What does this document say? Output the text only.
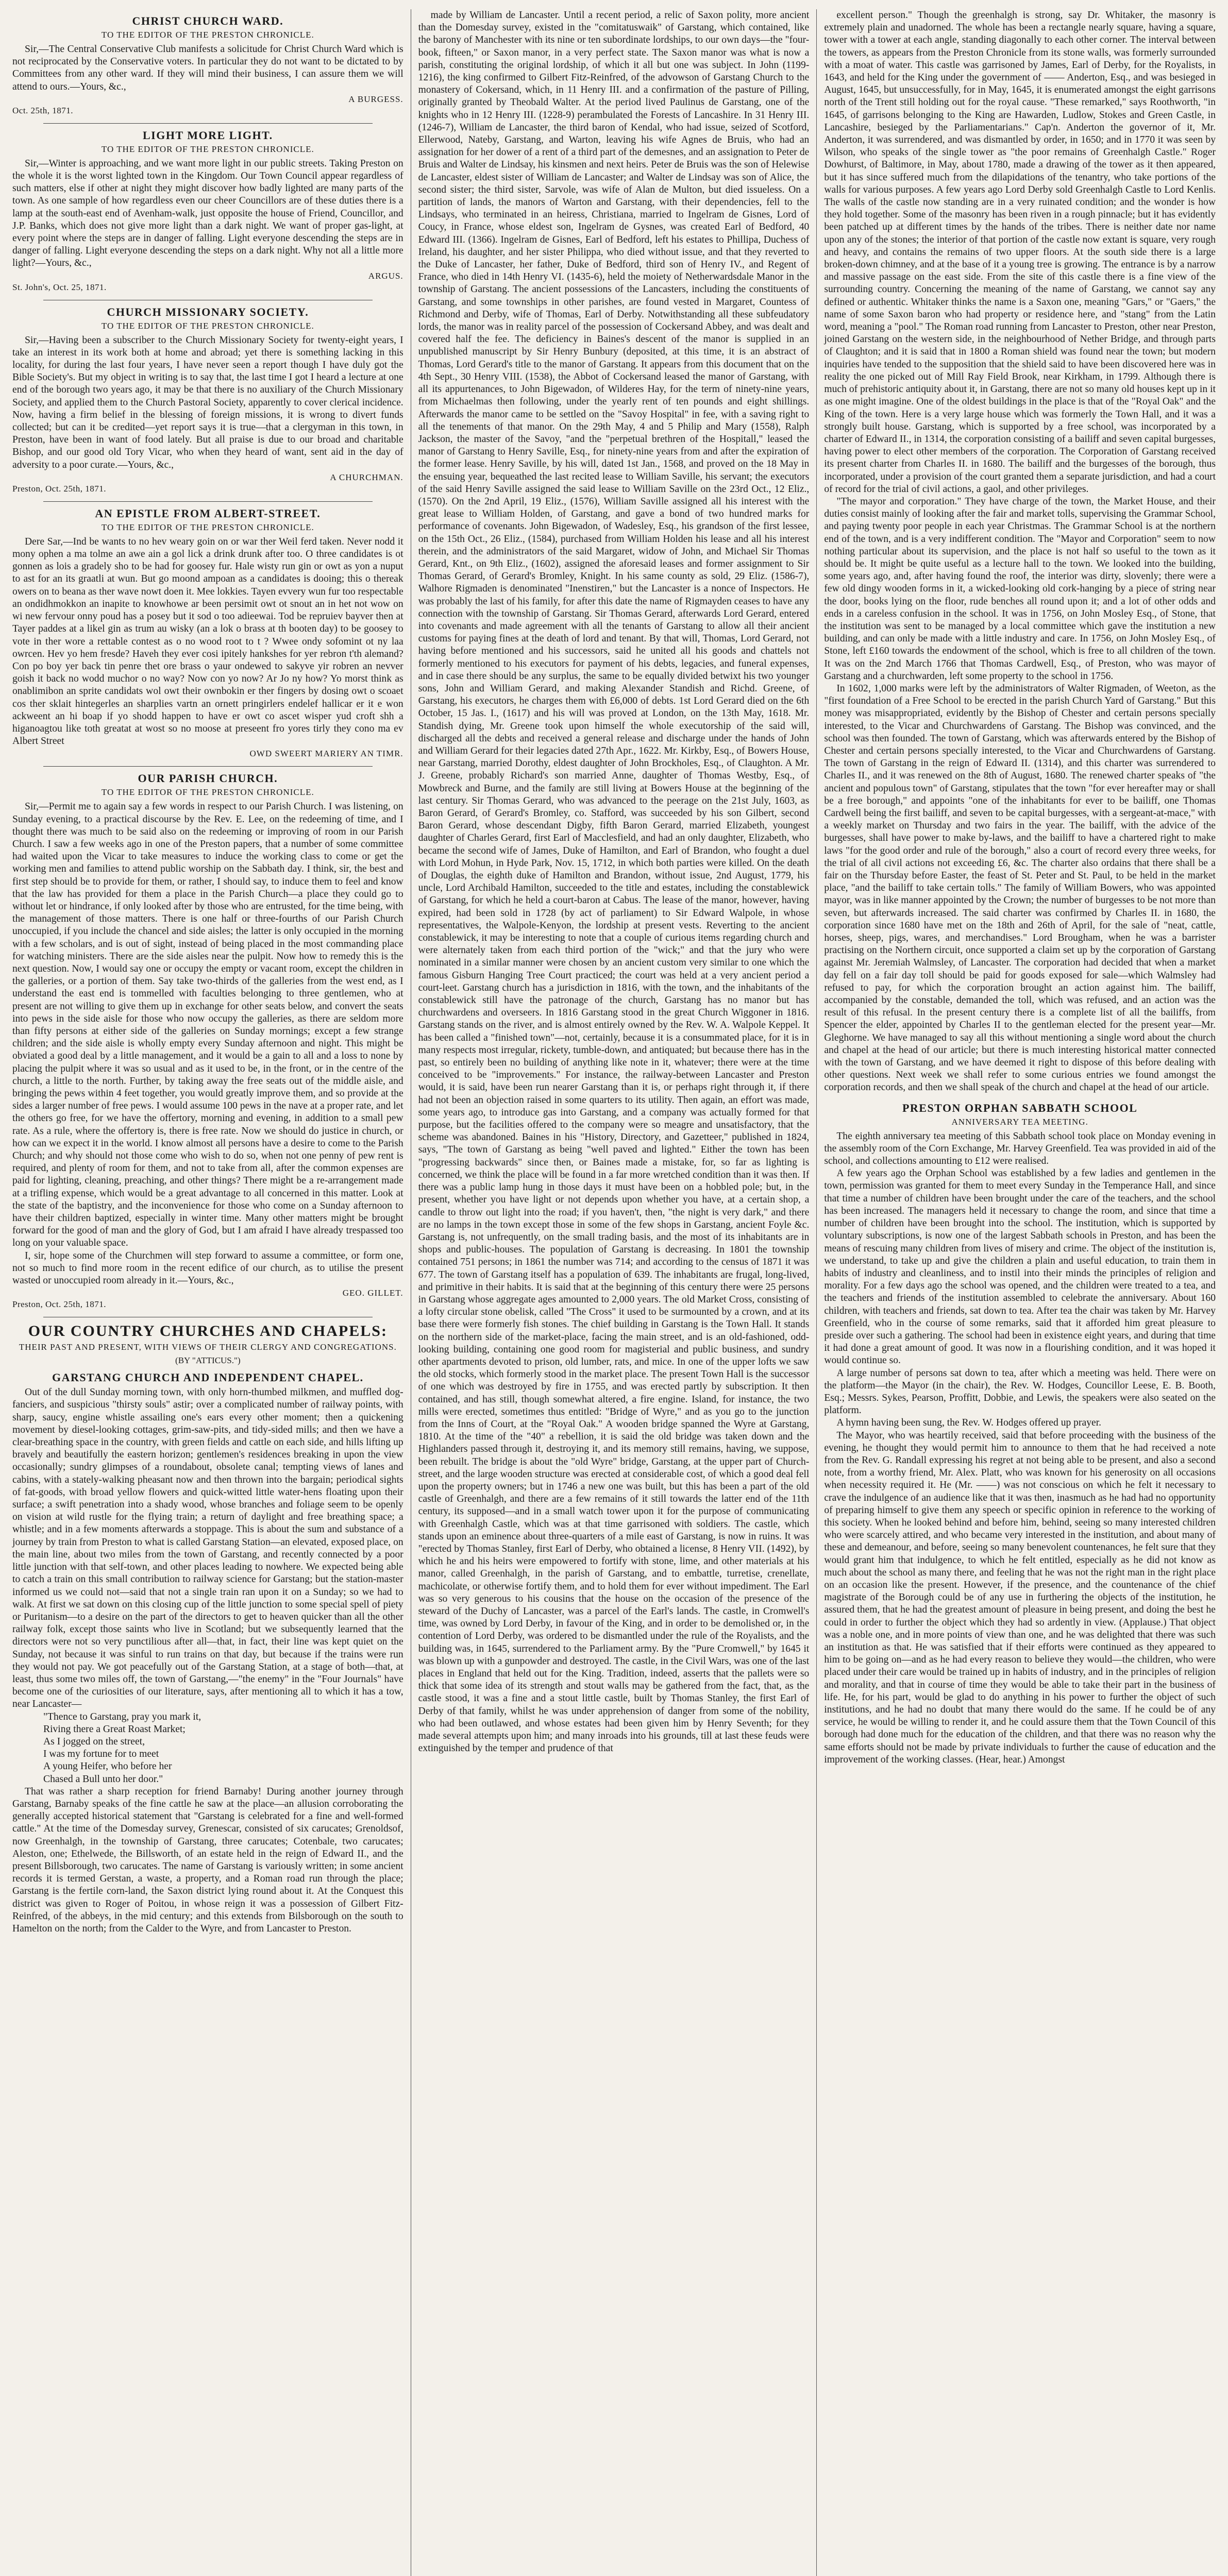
CHRIST CHURCH WARD.
TO THE EDITOR OF THE PRESTON CHRONICLE.

Sir,—The Central Conservative Club manifests a solicitude for Christ Church Ward which is not reciprocated by the Conservative voters. In particular they do not want to be dictated to by Committees from any other ward. If they will mind their business, I can assure them we will attend to ours.—Yours, &c.,

A BURGESS.
Oct. 25th, 1871.
LIGHT MORE LIGHT.
TO THE EDITOR OF THE PRESTON CHRONICLE.

Sir,—Winter is approaching, and we want more light in our public streets. Taking Preston on the whole it is the worst lighted town in the Kingdom. Our Town Council appear regardless of such matters, else if other at night they might discover how badly lighted are many parts of the town. As one sample of how regardless even our cheer Councillors are of these duties there is a lamp at the south-east end of Avenham-walk, just opposite the house of Friend, Councillor, and J.P. Banks, which does not give more light than a dark night. We want of proper gas-light, at every point where the steps are in danger of falling. Light everyone descending the steps are in danger of falling. Light everyone descending the steps on a dark night. Why not all a little more light?—Yours, &c.,

ARGUS.
St. John's, Oct. 25, 1871.
CHURCH MISSIONARY SOCIETY.
TO THE EDITOR OF THE PRESTON CHRONICLE.

Sir,—Having been a subscriber to the Church Missionary Society for twenty-eight years, I take an interest in its work both at home and abroad; yet there is something lacking in this locality, for during the last four years, I have never seen a report though I have duly got the Bible Society's. But my object in writing is to say that, the last time I got I heard a lecture at one end of the borough two years ago, it may be that there is no auxiliary of the Church Missionary Society, and applied them to the Church Pastoral Society, apparently to cover clerical incidence. Now, having a firm belief in the blessing of foreign missions, it is wrong to divert funds collected; but can it be credited—yet report says it is true—that a clergyman in this town, in Preston, have been in want of food lately. But all praise is due to our broad and charitable Bishop, and our good old Tory Vicar, who when they heard of want, sent aid in the day of adversity to a poor curate.—Yours, &c.,

A CHURCHMAN.
Preston, Oct. 25th, 1871.
AN EPISTLE FROM ALBERT-STREET.
TO THE EDITOR OF THE PRESTON CHRONICLE.

Dere Sar,—Ind be wants to no hev weary goin on or war ther Weil ferd taken. Never nodd it mony ophen a ma tolme an awe ain a gol lick a drink drunk after too. O three candidates is ot gonnen as lois a gradely sho to be had for goosey fur. Hale wisty run gin or owt as yon a nuput to ast for an its graatli at wun. But go moond ampoan as a candidates is dooing; this o thereak owers on to beana as ther wave nowt doen it. Mee lokkies. Tayen evvery wun fur too respectable an ondidhmokkon an inapite to knowhowe ar been persimit owt ot snout an in het not wow on wi new fervour onny poud has a posey but it sod o too adieewai. Tod be repruiev bayver then at Tayer paddes at a likel gin as trum au wisky (an a lok o brass at th booten day) to be goosey to vote in ther wore a rettable contest as o no wood root to t ? Wwee ondy sofomint ot ny laa owrcen. Hev yo hem fresde? Haveh they ever cosi ipitely hankshes for yer rebron t'th alemand? Con po boy yer back tin penre thet ore brass o yaur ondewed to sakyve yir robren an nevver goish it back no wodd muchor o no way? Now con yo now? Ar Jo ny how? Yo morst think as onablimibon an sprite candidats wol owt their ownbokin er ther fingers by dosing owt o scoaet cos ther sklait hintegerles an sharplies vartn an ornett pringirlers endelef hallicar er it e won ackweent an hi boap if yo shodd happen to have er owt co ascet wisper yud croft shh a higanoagtou like toth greatat at wost so no moose at preseent fro yores tirly they cono ma ev Albert Street

OWD SWEERT MARIERY AN TIMR.
OUR PARISH CHURCH.
TO THE EDITOR OF THE PRESTON CHRONICLE.

Sir,—Permit me to again say a few words in respect to our Parish Church. I was listening, on Sunday evening, to a practical discourse by the Rev. E. Lee, on the redeeming of time, and I thought there was much to be said also on the redeeming or improving of room in our Parish Church. I saw a few weeks ago in one of the Preston papers, that a number of some committee had waited upon the Vicar to take measures to induce the working class to come or get the working men and families to attend public worship on the Sabbath day. I think, sir, the best and first step should be to provide for them, or rather, I should say, to induce them to feel and know that the law has provided for them a place in the Parish Church—a place they could go to without let or hindrance, if only looked after by those who are entrusted, for the time being, with the management of those matters. There is one half or three-fourths of our Parish Church unoccupied, if you include the chancel and side aisles; the latter is only occupied in the morning with a few scholars, and is out of sight, instead of being placed in the most commanding place for watching ministers. There are the side aisles near the pulpit. Now how to remedy this is the next question. Now, I would say one or occupy the empty or vacant room, except the children in the galleries, or a portion of them. Say take two-thirds of the galleries from the west end, as I understand the east end is tommelled with faculties belonging to three gentlemen, who at present are not willing to give them up in exchange for other seats below, and convert the seats into pews in the side aisle for those who now occupy the galleries, as there are seldom more than fifty persons at either side of the galleries on Sunday mornings; except a few strange children; and the side aisle is wholly empty every Sunday afternoon and night. This might be obviated a good deal by a little management, and it would be a gain to all and a loss to none by placing the pulpit where it was so usual and as it used to be, in the front, or in the centre of the church, a little to the north. Further, by taking away the free seats out of the middle aisle, and bringing the pews within 4 feet together, you would greatly improve them, and so provide at the sides a larger number of free pews. I would assume 100 pews in the nave at a proper rate, and let the others go free, for we have the offertory, morning and evening, in addition to a small pew rate. As a rule, where the offertory is, there is free rate. Now we should do justice in church, or how can we expect it in the world. I know almost all persons have a desire to come to the Parish Church; and why should not those come who wish to do so, when not one penny of pew rent is required, and plenty of room for them, and not to take from all, after the common expenses are paid for lighting, cleaning, preaching, and other things? There might be a re-arrangement made at a trifling expense, which would be a great advantage to all concerned in this matter. Look at the state of the baptistry, and the inconvenience for those who come on a Sunday afternoon to have their children baptized, especially in winter time. Many other matters might be brought forward for the good of man and the glory of God, but I am afraid I have already trespassed too long on your valuable space.

I, sir, hope some of the Churchmen will step forward to assume a committee, or form one, not so much to find more room in the recent edifice of our church, as to utilise the present wasted or unoccupied room already in it.—Yours, &c.,

GEO. GILLET.
Preston, Oct. 25th, 1871.
OUR COUNTRY CHURCHES AND CHAPELS:
THEIR PAST AND PRESENT, WITH VIEWS OF THEIR CLERGY AND CONGREGATIONS.
(BY "ATTICUS.")
GARSTANG CHURCH AND INDEPENDENT CHAPEL.

Out of the dull Sunday morning town, with only horn-thumbed milkmen, and muffled dog-fanciers, and suspicious "thirsty souls" astir; over a complicated number of railway points, with sharp, saucy, engine whistle assailing one's ears every other moment; then a quickening movement by diesel-looking cottages, grim-saw-pits, and tidy-sided mills; and then we have a clear-breathing space in the country, with green fields and cattle on each side, and hills lifting up bravely and beautifully the eastern horizon; gentlemen's residences breaking in upon the view occasionally; sundry glimpses of a roundabout, obsolete canal; tempting views of lanes and cabins, with a stately-walking pheasant now and then thrown into the bargain; periodical sights of fat-goods, with broad yellow flowers and quick-witted little water-hens floating upon their surface; a swift penetration into a shady wood, whose branches and foliage seem to be openly on vision at wild rustle for the flying train; a return of daylight and free breathing space; a whistle; and in a few moments afterwards a stoppage. This is about the sum and substance of a journey by train from Preston to what is called Garstang Station—an elevated, exposed place, on the main line, about two miles from the town of Garstang, and recently connected by a poor little junction with that self-town, and other places leading to nowhere. We expected being able to catch a train on this small contribution to railway science for Garstang; but the station-master informed us we could not—said that not a single train ran upon it on a Sunday; so we had to walk. At first we sat down on this closing cup of the little junction to some special spell of piety or Puritanism—to a desire on the part of the directors to get to heaven quicker than all the other railway folk, except those saints who live in Scotland; but we subsequently learned that the directors were not so very punctilious after all—that, in fact, their line was kept quiet on the Sunday, not because it was sinful to run trains on that day, but because if the trains were run they would not pay. We got peacefully out of the Garstang Station, at a stage of both—that, at least, thus some two miles off, the town of Garstang,—"the enemy" in the "Four Journals" have become one of the curiosities of our literature, says, after mentioning all to which it has a tow, near Lancaster—

"Thence to Garstang, pray you mark it,
Riving there a Great Roast Market;
As I jogged on the street,
I was my fortune for to meet
A young Heifer, who before her
Chased a Bull unto her door."

That was rather a sharp reception for friend Barnaby! During another journey through Garstang, Barnaby speaks of the fine cattle he saw at the place—an allusion corroborating the generally accepted historical statement that "Garstang is celebrated for a fine and well-formed cattle." At the time of the Domesday survey, Grenescar, consisted of six carucates; Grenoldsof, now Greenhalgh, in the township of Garstang, three carucates; Cotenbale, two carucates; Aleston, one; Ethelwede, the Billsworth, of an estate held in the reign of Edward II., and the present Billsborough, two carucates. The name of Garstang is variously written; in some ancient records it is termed Gerstan, a waste, a property, and a Roman road run through the place; Garstang is the fertile corn-land, the Saxon district lying round about it. At the Conquest this district was given to Roger of Poitou, in whose reign it was a possession of Gilbert Fitz-Reinfred, of the abbeys, in the mid century; and this extends from Bilsborough on the south to Hamelton on the north; from the Calder to the Wyre, and from Lancaster to Preston.

made by William de Lancaster. Until a recent period, a relic of Saxon polity, more ancient than the Domesday survey, existed in the "comitatuswaik" of Garstang, which contained, like the barony of Manchester with its nine or ten subordinate lordships, to our own days—the "four-book, fifteen," or Saxon manor, in a very perfect state. The Saxon manor was what is now a parish, constituting the original lordship, of which it all but one was subject. In John (1199-1216), the king confirmed to Gilbert Fitz-Reinfred, of the advowson of Garstang Church to the monastery of Cokersand, which, in 11 Henry III. and a confirmation of the pasture of Pilling, originally granted by Theobald Walter. At the period lived Paulinus de Garstang, one of the knights who in 12 Henry III. (1228-9) perambulated the Forests of Lancashire. In 31 Henry III. (1246-7), William de Lancaster, the third baron of Kendal, who had issue, seized of Scotford, Ellerwood, Nateby, Garstang, and Warton, leaving his wife Agnes de Bruis, who had an assignation for her dower of a rent of a third part of the demesnes, and an assignation to Peter de Bruis and Walter de Lindsay, his kinsmen and next heirs. Peter de Bruis was the son of Helewise de Lancaster, eldest sister of William de Lancaster; and Walter de Lindsay was son of Alice, the second sister; the third sister, Sarvole, was wife of Alan de Multon, but died issueless. On a partition of lands, the manors of Warton and Garstang, with their dependencies, fell to the Lindsays, who terminated in an heiress, Christiana, married to Ingelram de Gisnes, Lord of Coucy, in France, whose eldest son, Ingelram de Gysnes, was created Earl of Bedford, 40 Edward III. (1366). Ingelram de Gisnes, Earl of Bedford, left his estates to Phillipa, Duchess of Ireland, his daughter, and her sister Philippa, who died without issue, and that they reverted to the Duke of Lancaster, her father, Duke of Bedford, third son of Henry IV., and Regent of France, who died in 14th Henry VI. (1435-6), held the moiety of Netherwardsdale Manor in the township of Garstang. The ancient possessions of the Lancasters, including the constituents of Garstang, and some townships in other parishes, are found vested in Margaret, Countess of Richmond and Derby, wife of Thomas, Earl of Derby. Notwithstanding all these subfeudatory lords, the manor was in reality parcel of the possession of Cockersand Abbey, and was dealt and covered half the fee. The deficiency in Baines's descent of the manor is supplied in an unpublished manuscript by Sir Henry Bunbury (deposited, at this time, it is an abstract of Thomas, Lord Gerard's title to the manor of Garstang. It appears from this document that on the 4th Sept., 30 Henry VIII. (1538), the Abbot of Cockersand leased the manor of Garstang, with all its appurtenances, to John Bigewadon, of Wilderes Hay, for the term of ninety-nine years, from Michaelmas then following, under the yearly rent of ten pounds and eight shillings. Afterwards the manor came to be settled on the "Savoy Hospital" in fee, with a saving right to all the tenements of that manor. On the 29th May, 4 and 5 Philip and Mary (1558), Ralph Jackson, the master of the Savoy, "and the "perpetual brethren of the Hospitall," leased the manor of Garstang to Henry Saville, Esq., for ninety-nine years from and after the expiration of the former lease. Henry Saville, by his will, dated 1st Jan., 1568, and proved on the 18 May in the ensuing year, bequeathed the last recited lease to William Saville, his servant; the executors of the said Henry Saville assigned the said lease to William Saville on the 23rd Oct., 12 Eliz., (1570). On the 2nd April, 19 Eliz., (1576), William Saville assigned all his interest with the great lease to William Holden, of Garstang, and gave a bond of two hundred marks for performance of covenants. John Bigewadon, of Wadesley, Esq., his grandson of the first lessee, on the 15th Oct., 26 Eliz., (1584), purchased from William Holden his lease and all his interest therein, and the administrators of the said Margaret, widow of John, and Michael Sir Thomas Gerard, Knt., on 9th Eliz., (1602), assigned the aforesaid leases and former assignment to Sir Thomas Gerard, of Gerard's Bromley, Knight. In his same county as sold, 29 Eliz. (1586-7), Walhore Rigmaden is denominated "Inenstiren," but the Lancaster is a nonce of Inspectors. He was probably the last of his family, for after this date the name of Rigmayden ceases to have any connection with the township of Garstang. Sir Thomas Gerard, afterwards Lord Gerard, entered into covenants and made agreement with all the tenants of Garstang to allow all their ancient customs for paying fines at the death of lord and tenant. By that will, Thomas, Lord Gerard, not having before mentioned and his successors, said he united all his goods and chattels not formerly mentioned to his executors for payment of his debts, legacies, and funeral expenses, and in case there should be any surplus, the same to be equally divided betwixt his two younger sons, John and William Gerard, and making Alexander Standish and Richd. Greene, of Garstang, his executors, he charges them with £6,000 of debts. 1st Lord Gerard died on the 6th October, 15 Jas. I., (1617) and his will was proved at London, on the 13th May, 1618. Mr. Standish dying, Mr. Greene took upon himself the whole executorship of the said will, discharged all the debts and received a general release and discharge under the hands of John and William Gerard for their legacies dated 27th Apr., 1622. Mr. Kirkby, Esq., of Bowers House, near Garstang, married Dorothy, eldest daughter of John Brockholes, Esq., of Claughton. A Mr. J. Greene, probably Richard's son married Anne, daughter of Thomas Westby, Esq., of Mowbreck and Burne, and the family are still living at Bowers House at the beginning of the last century. Sir Thomas Gerard, who was advanced to the peerage on the 21st July, 1603, as Baron Gerard, of Gerard's Bromley, co. Stafford, was succeeded by his son Gilbert, second Baron Gerard, whose descendant Digby, fifth Baron Gerard, married Elizabeth, youngest daughter of Charles Gerard, first Earl of Macclesfield, and had an only daughter, Elizabeth, who became the second wife of James, Duke of Hamilton, and Earl of Brandon, who fought a duel with Lord Mohun, in Hyde Park, Nov. 15, 1712, in which both parties were killed. On the death of Douglas, the eighth duke of Hamilton and Brandon, without issue, 2nd August, 1779, his uncle, Lord Archibald Hamilton, succeeded to the title and estates, including the constablewick of Garstang, for which he held a court-baron at Cabus. The lease of the manor, however, having expired, had been sold in 1728 (by act of parliament) to Sir Edward Walpole, in whose representatives, the Walpole-Kenyon, the lordship at present vests. Reverting to the ancient constablewick, it may be interesting to note that a couple of curious items regarding church and were alternately taken from each third portion of the "wick;" and that the jury who were nominated in a similar manner were chosen by an ancient custom very similar to one which the famous Gisburn Hanging Tree Court practiced; the court was held at a very ancient period a court-leet. Garstang church has a jurisdiction in 1816, with the town, and the inhabitants of the constablewick still have the patronage of the church, Garstang has no manor but has churchwardens and overseers. In 1816 Garstang stood in the great Church Wiggoner in 1816. Garstang stands on the river, and is almost entirely owned by the Rev. W. A. Walpole Keppel. It has been called a "finished town"—not, certainly, because it is a consummated place, for it is in many respects most irregular, rickety, tumble-down, and antiquated; but because there has in the past, so entirely been no building of anything like note in it, whatever; there were at the time conceived to be "improvements." For instance, the railway-between Lancaster and Preston would, it is said, have been run nearer Garstang than it is, or perhaps right through it, if there had not been an objection raised in some quarters to its utility. Then again, an effort was made, some years ago, to introduce gas into Garstang, and a company was actually formed for that purpose, but the facilities offered to the company were so meagre and unsatisfactory, that the scheme was abandoned. Baines in his "History, Directory, and Gazetteer," published in 1824, says, "The town of Garstang as being "well paved and lighted." Either the town has been "progressing backwards" since then, or Baines made a mistake, for, so far as lighting is concerned, we think the place will be found in a far more wretched condition than it was then. If there was a public lamp hung in those days it must have been on a hobbled pole; but, in the present, whether you have light or not depends upon whether you have, at a certain shop, a candle to throw out light into the road; if you haven't, then, "the night is very dark," and there are no lamps in the town except those in some of the few shops in Garstang, ancient Foyle &c. Garstang is, not unfrequently, on the small trading basis, and the most of its inhabitants are in shops and public-houses. The population of Garstang is decreasing. In 1801 the township contained 751 persons; in 1861 the number was 714; and according to the census of 1871 it was 677. The town of Garstang itself has a population of 639. The inhabitants are frugal, long-lived, and primitive in their habits. It is said that at the beginning of this century there were 25 persons in Garstang whose aggregate ages amounted to 2,000 years. The old Market Cross, consisting of a lofty circular stone obelisk, called "The Cross" it used to be surmounted by a crown, and at its base there were formerly fish stones. The chief building in Garstang is the Town Hall. It stands on the northern side of the market-place, facing the main street, and is an old-fashioned, odd-looking building, containing one good room for magisterial and public business, and sundry other apartments devoted to prison, old lumber, rats, and mice. In one of the upper lofts we saw the old stocks, which formerly stood in the market place. The present Town Hall is the successor of one which was destroyed by fire in 1755, and was erected partly by subscription. It then contained, and has still, though somewhat altered, a fire engine. Island, for instance, the two mills were erected, sometimes thus entitled: "Bridge of Wyre," and as you go to the junction from the Inns of Court, at the "Royal Oak." A wooden bridge spanned the Wyre at Garstang, 1810. At the time of the "40" a rebellion, it is said the old bridge was taken down and the Highlanders passed through it, destroying it, and its memory still remains, having, we suppose, been rebuilt. The bridge is about the "old Wyre" bridge, Garstang, at the upper part of Church-street, and the large wooden structure was erected at considerable cost, of which a good deal fell upon the property owners; but in 1746 a new one was built, but this has been a part of the old castle of Greenhalgh, and there are a few remains of it still towards the latter end of the 11th century, its supposed—and in a small watch tower upon it for the purpose of communicating with Greenhalgh Castle, which was at that time garrisoned with soldiers. The castle, which stands upon an eminence about three-quarters of a mile east of Garstang, is now in ruins. It was "erected by Thomas Stanley, first Earl of Derby, who obtained a license, 8 Henry VII. (1492), by which he and his heirs were empowered to fortify with stone, lime, and other materials at his manor, called Greenhalgh, in the parish of Garstang, and to embattle, turretise, crenellate, machicolate, or otherwise fortify them, and to hold them for ever without impediment. The Earl was so very generous to his cousins that the house on the occasion of the presence of the steward of the Duchy of Lancaster, was a parcel of the Earl's lands. The castle, in Cromwell's time, was owned by Lord Derby, in favour of the King, and in order to be demolished or, in the contention of Lord Derby, was ordered to be dismantled under the rule of the Royalists, and the building was, in 1645, surrendered to the Parliament army. By the "Pure Cromwell," by 1645 it was blown up with a gunpowder and destroyed. The castle, in the Civil Wars, was one of the last places in England that held out for the King. Tradition, indeed, asserts that the pallets were so thick that some idea of its strength and stout walls may be gathered from the fact, that, as the castle stood, it was a fine and a stout little castle, built by Thomas Stanley, the first Earl of Derby of that family, whilst he was under apprehension of danger from some of the nobility, who had been outlawed, and whose estates had been given him by Henry Seventh; for they made several attempts upon him; and many inroads into his grounds, till at last these feuds were extinguished by the temper and prudence of that

excellent person." Though the greenhalgh is strong, say Dr. Whitaker, the masonry is extremely plain and unadorned. The whole has been a rectangle nearly square, having a square, tower with a tower at each angle, standing diagonally to each other corner. The interval between the towers, as appears from the Preston Chronicle from its stone walls, was formerly surrounded with a moat of water. This castle was garrisoned by James, Earl of Derby, for the Royalists, in 1643, and held for the King under the government of —— Anderton, Esq., and was besieged in August, 1645, but unsuccessfully, for in May, 1645, it is enumerated amongst the eight garrisons north of the Trent still holding out for the royal cause. "These remarked," says Roothworth, "in 1645, of garrisons belonging to the King are Hawarden, Ludlow, Stokes and Green Castle, in Lancashire, besieged by the Parliamentarians." Cap'n. Anderton the governor of it, Mr. Anderton, it was surrendered, and was dismantled by order, in 1650; and in 1770 it was seen by Wilson, who speaks of the single tower as "the poor remains of Greenhalgh Castle." Roger Dowhurst, of Baltimore, in May, about 1780, made a drawing of the tower as it then appeared, but it has since suffered much from the dilapidations of the tenantry, who take portions of the walls for various purposes. A few years ago Lord Derby sold Greenhalgh Castle to Lord Kenlis. The walls of the castle now standing are in a very ruinated condition; and the wonder is how they hold together. Some of the masonry has been riven in a rough pinnacle; but it has evidently been patched up at different times by the hands of the tribes. There is neither date nor name upon any of the stones; the interior of that portion of the castle now extant is square, very rough and heavy, and contains the remains of two upper floors. At the south side there is a large broken-down chimney, and at the base of it a young tree is growing. The entrance is by a narrow and massive passage on the east side. From the site of this castle there is a fine view of the surrounding country. Concerning the meaning of the name of Garstang, we cannot say any defined or authentic. Whitaker thinks the name is a Saxon one, meaning "Gars," or "Gaers," the name of some Saxon baron who had property or residence here, and "stang" from the Latin word, meaning a "pool." The Roman road running from Lancaster to Preston, other near Preston, joined Garstang on the western side, in the neighbourhood of Nether Bridge, and through parts of Claughton; and it is said that in 1800 a Roman shield was found near the town; but modern inquiries have tended to the supposition that the shield said to have been discovered here was in reality the one picked out of Mill Ray Field Brook, near Kirkham, in 1799. Although there is much of prehistoric antiquity about it, in Garstang, there are not so many old houses kept up in it as one might imagine. One of the oldest buildings in the place is that of the "Royal Oak" and the King of the town. Here is a very large house which was formerly the Town Hall, and it was a strongly built house. Garstang, which is supported by a free school, was incorporated by a charter of Edward II., in 1314, the corporation consisting of a bailiff and seven capital burgesses, having power to elect other members of the corporation. The Corporation of Garstang received its present charter from Charles II. in 1680. The bailiff and the burgesses of the borough, thus incorporated, under a provision of the court granted them a separate jurisdiction, and had a court of record for the trial of civil actions, a gaol, and other privileges.

"The mayor and corporation." They have charge of the town, the Market House, and their duties consist mainly of looking after the fair and market tolls, supervising the Grammar School, and paying twenty poor people in each year Christmas. The Grammar School is at the northern end of the town, and is a very indifferent condition. The "Mayor and Corporation" seem to now nothing particular about its supervision, and the place is not half so useful to the town as it should be. It might be quite useful as a lecture hall to the town. We looked into the building, some years ago, and, after having found the roof, the interior was dirty, slovenly; there were a few old dingy wooden forms in it, a wicked-looking old cork-hanging by a piece of string near the door, books lying on the floor, rude benches all round upon it; and a lot of other odds and ends in a careless confusion in the school. It was in 1756, on John Mosley Esq., of Stone, that the institution was sent to be managed by a local committee which gave the institution a new building, and can only be made with a little industry and care. In 1756, on John Mosley Esq., of Stone, left £160 towards the endowment of the school, which is free to all children of the town. It was on the 2nd March 1766 that Thomas Cardwell, Esq., of Preston, who was mayor of Garstang and a churchwarden, left some property to the school in 1756.

In 1602, 1,000 marks were left by the administrators of Walter Rigmaden, of Weeton, as the "first foundation of a Free School to be erected in the parish Church Yard of Garstang." But this money was misappropriated, evidently by the Bishop of Chester and certain persons specially interested, to the Vicar and Churchwardens of Garstang. The Bishop was convinced, and the school was then founded. The town of Garstang, which was afterwards entered by the Bishop of Chester and certain persons specially interested, to the Vicar and Churchwardens of Garstang. The town of Garstang in the reign of Edward II. (1314), and this charter was surrendered to Charles II., and it was renewed on the 8th of August, 1680. The renewed charter speaks of "the ancient and populous town" of Garstang, stipulates that the town "for ever hereafter may or shall be a free borough," and appoints "one of the inhabitants for ever to be bailiff, one Thomas Cardwell being the first bailiff, and seven to be capital burgesses, with a sergeant-at-mace," with a weekly market on Thursday and two fairs in the year. The bailiff, with the advice of the burgesses, shall have power to make by-laws, and the bailiff to have a chartered right to make laws "for the good order and rule of the borough," also a court of record every three weeks, for the trial of all civil actions not exceeding £6, &c. The charter also ordains that there shall be a fair on the Thursday before Easter, the feast of St. Peter and St. Paul, to be held in the market place, "and the bailiff to take certain tolls." The family of William Bowers, who was appointed mayor, was in like manner appointed by the Crown; the number of burgesses to be not more than seven, but afterwards increased. The said charter was confirmed by Charles II. in 1680, the corporation since 1680 have met on the 18th and 26th of April, for the sale of "neat, cattle, horses, sheep, pigs, wares, and merchandises." Lord Brougham, when he was a barrister practising on the Northern circuit, once supported a claim set up by the corporation of Garstang against Mr. Jeremiah Walmsley, of Lancaster. The corporation had decided that when a market day fell on a fair day toll should be paid for goods exposed for sale—which Walmsley had refused to pay, for which the corporation brought an action against him. The bailiff, accompanied by the constable, demanded the toll, which was refused, and an action was the result of this refusal. In the present century there is a complete list of all the bailiffs, from Spencer the elder, appointed by Charles II to the gentleman elected for the present year—Mr. Gleghorne. We have managed to say all this without mentioning a single word about the church and chapel at the head of our article; but there is much interesting historical matter connected with the town of Garstang, and we have deemed it right to dispose of this before dealing with other questions. Next week we shall refer to some curious entries we found amongst the corporation records, and then we shall speak of the church and chapel at the head of our article.

PRESTON ORPHAN SABBATH SCHOOL
ANNIVERSARY TEA MEETING.

The eighth anniversary tea meeting of this Sabbath school took place on Monday evening in the assembly room of the Corn Exchange, Mr. Harvey Greenfield. Tea was provided in aid of the school, and collections amounting to £12 were realised.

A few years ago the Orphan School was established by a few ladies and gentlemen in the town, permission was granted for them to meet every Sunday in the Temperance Hall, and since that time a number of children have been brought under the care of the teachers, and the school has been increased. The managers held it necessary to change the room, and since that time a number of children have been brought into the school. The institution, which is supported by voluntary subscriptions, is now one of the largest Sabbath schools in Preston, and has been the means of rescuing many children from lives of misery and crime. The object of the institution is, we understand, to take up and give the children a plain and useful education, to train them in habits of industry and cleanliness, and to instil into their minds the principles of religion and morality. For a few days ago the school was opened, and the children were treated to a tea, and the teachers and friends of the institution assembled to celebrate the anniversary. About 160 children, with teachers and friends, sat down to tea. After tea the chair was taken by Mr. Harvey Greenfield, who in the course of some remarks, said that it afforded him great pleasure to preside over such a gathering. The school had been in existence eight years, and during that time it had done a great amount of good. It was now in a flourishing condition, and it was hoped it would continue so.

A large number of persons sat down to tea, after which a meeting was held. There were on the platform—the Mayor (in the chair), the Rev. W. Hodges, Councillor Leese, E. B. Booth, Esq.; Messrs. Sykes, Pearson, Proffitt, Dobbie, and Lewis, the speakers were also seated on the platform.

A hymn having been sung, the Rev. W. Hodges offered up prayer.

The Mayor, who was heartily received, said that before proceeding with the business of the evening, he thought they would permit him to announce to them that he had received a note from the Rev. G. Randall expressing his regret at not being able to be present, and also a second note, from a worthy friend, Mr. Alex. Platt, who was known for his generosity on all occasions when necessity required it. He (Mr. ——) was not conscious on which he felt it necessary to crave the indulgence of an audience like that it was then, inasmuch as he had had no opportunity of preparing himself to give them any speech or specific opinion in reference to the working of this society. When he looked behind and before him, behind, seeing so many interested children who were scarcely attired, and who became very interested in the institution, and about many of these and demeanour, and before, seeing so many benevolent countenances, he felt sure that they would grant him that indulgence, to which he felt entitled, especially as he did not know as much about the school as many there, and feeling that he was not the right man in the right place on an occasion like the present. However, if the presence, and the countenance of the chief magistrate of the Borough could be of any use in furthering the objects of the institution, he assured them, that he had the greatest amount of pleasure in being present, and doing the best he could in order to further the object which they had so ardently in view. (Applause.) That object was a noble one, and in more points of view than one, and he was delighted that there was such an institution as that. He was satisfied that if their efforts were continued as they appeared to him to be going on—and as he had every reason to believe they would—the children, who were placed under their care would be trained up in habits of industry, and in the principles of religion and morality, and that in course of time they would be able to take their part in the business of life. He, for his part, would be glad to do anything in his power to further the object of such institutions, and he had no doubt that many there would do the same. If he could be of any service, he would be willing to render it, and he could assure them that the Town Council of this borough had done much for the education of the children, and that there was no reason why the same efforts should not be made by private individuals to further the cause of education and the improvement of the working classes. (Hear, hear.) Amongst
